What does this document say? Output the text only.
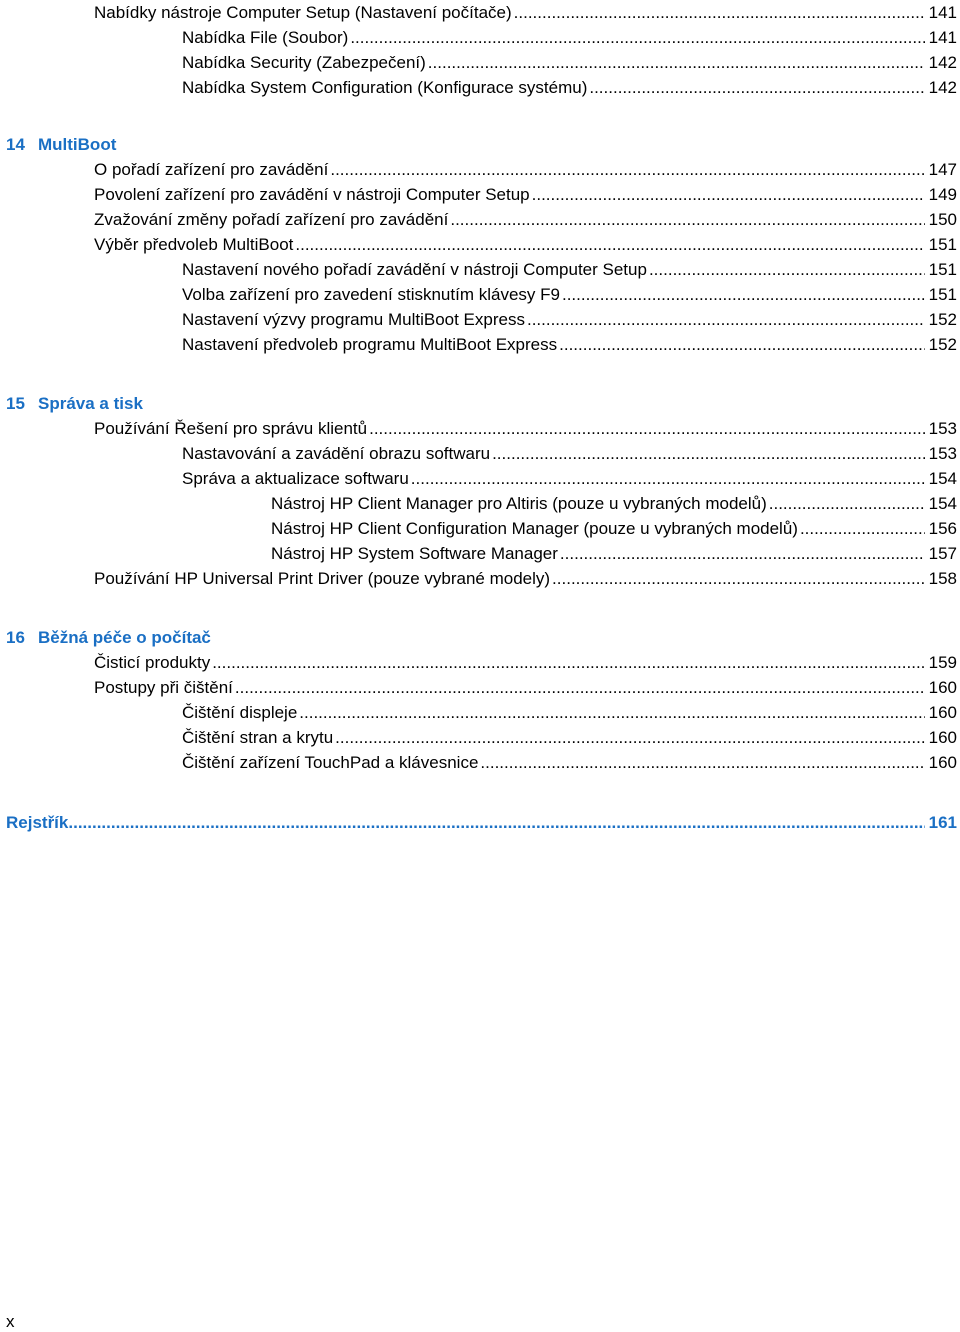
Nabídky nástroje Computer Setup (Nastavení počítače) .....	141
Nabídka File (Soubor) .....	141
Nabídka Security (Zabezpečení) .....	142
Nabídka System Configuration (Konfigurace systému) .....	142
14 MultiBoot
O pořadí zařízení pro zavádění .....	147
Povolení zařízení pro zavádění v nástroji Computer Setup .....	149
Zvažování změny pořadí zařízení pro zavádění .....	150
Výběr předvoleb MultiBoot .....	151
Nastavení nového pořadí zavádění v nástroji Computer Setup .....	151
Volba zařízení pro zavedení stisknutím klávesy F9 .....	151
Nastavení výzvy programu MultiBoot Express .....	152
Nastavení předvoleb programu MultiBoot Express .....	152
15 Správa a tisk
Používání Řešení pro správu klientů .....	153
Nastavování a zavádění obrazu softwaru .....	153
Správa a aktualizace softwaru .....	154
Nástroj HP Client Manager pro Altiris (pouze u vybraných modelů) .....	154
Nástroj HP Client Configuration Manager (pouze u vybraných modelů) .....	156
Nástroj HP System Software Manager .....	157
Používání HP Universal Print Driver (pouze vybrané modely) .....	158
16 Běžná péče o počítač
Čisticí produkty .....	159
Postupy při čištění .....	160
Čištění displeje .....	160
Čištění stran a krytu .....	160
Čištění zařízení TouchPad a klávesnice .....	160
Rejstřík .....	161
x
